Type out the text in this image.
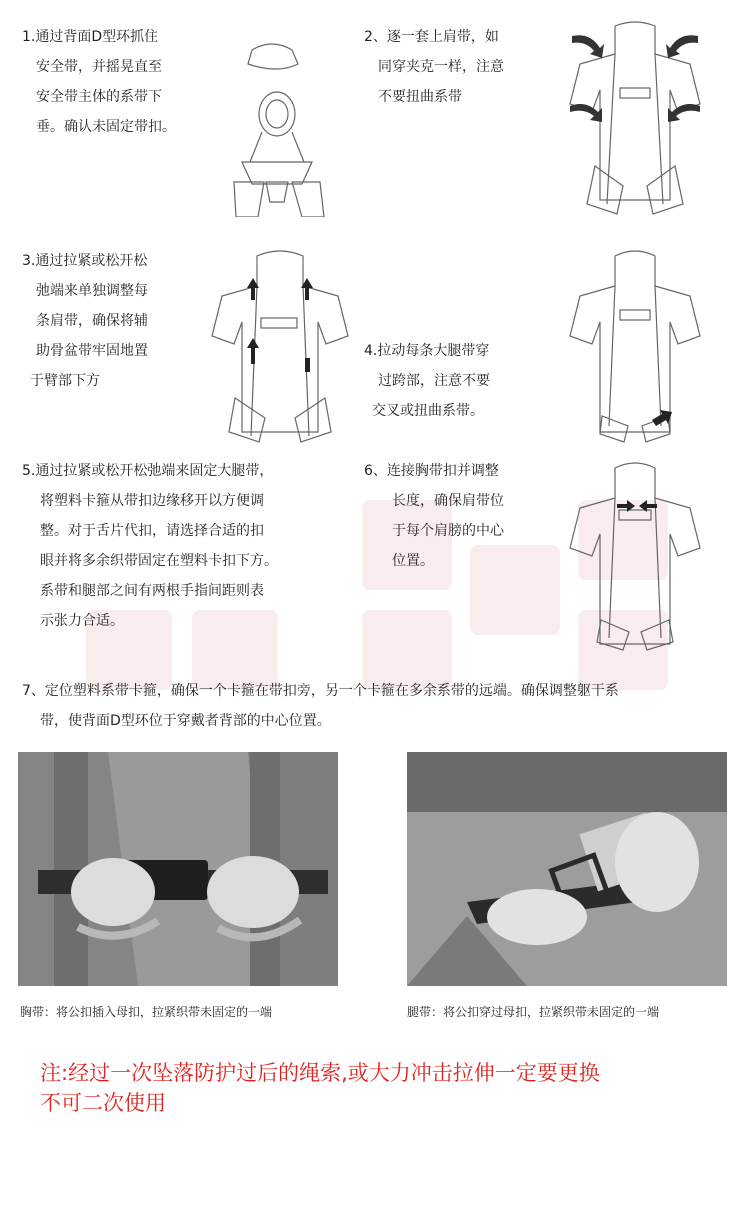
1.通过背面D型环抓住
安全带，并摇晃直至
安全带主体的系带下
垂。确认未固定带扣。
2、逐一套上肩带，如
同穿夹克一样，注意
不要扭曲系带
3.通过拉紧或松开松
弛端来单独调整每
条肩带，确保将辅
助骨盆带牢固地置
于臂部下方
4.拉动每条大腿带穿
过跨部，注意不要
交叉或扭曲系带。
5.通过拉紧或松开松弛端来固定大腿带，
将塑料卡箍从带扣边缘移开以方便调
整。对于舌片代扣，请选择合适的扣
眼并将多余织带固定在塑料卡扣下方。
系带和腿部之间有两根手指间距则表
示张力合适。
6、连接胸带扣并调整
长度，确保肩带位
于每个肩膀的中心
位置。
7、定位塑料系带卡箍，确保一个卡箍在带扣旁，另一个卡箍在多余系带的远端。确保调整躯干系
带，使背面D型环位于穿戴者背部的中心位置。
胸带：将公扣插入母扣，拉紧织带未固定的一端	腿带：将公扣穿过母扣，拉紧织带未固定的一端
注:经过一次坠落防护过后的绳索,或大力冲击拉伸一定要更换
不可二次使用
